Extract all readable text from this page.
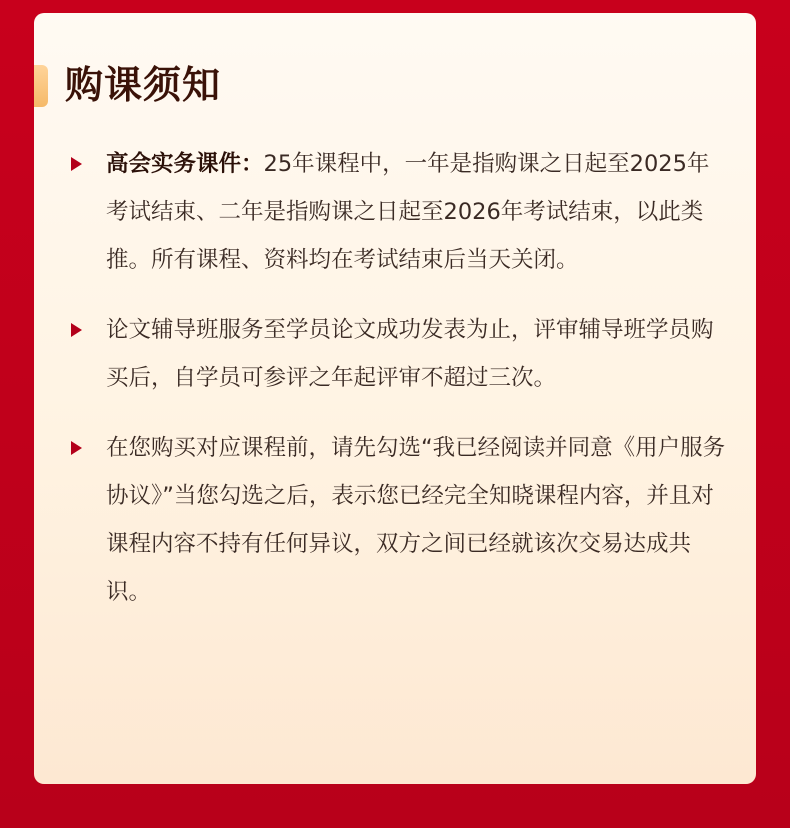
购课须知
高会实务课件：25年课程中，一年是指购课之日起至2025年考试结束、二年是指购课之日起至2026年考试结束，以此类推。所有课程、资料均在考试结束后当天关闭。
论文辅导班服务至学员论文成功发表为止，评审辅导班学员购买后，自学员可参评之年起评审不超过三次。
在您购买对应课程前，请先勾选“我已经阅读并同意《用户服务协议》”当您勾选之后，表示您已经完全知晓课程内容，并且对课程内容不持有任何异议，双方之间已经就该次交易达成共识。
